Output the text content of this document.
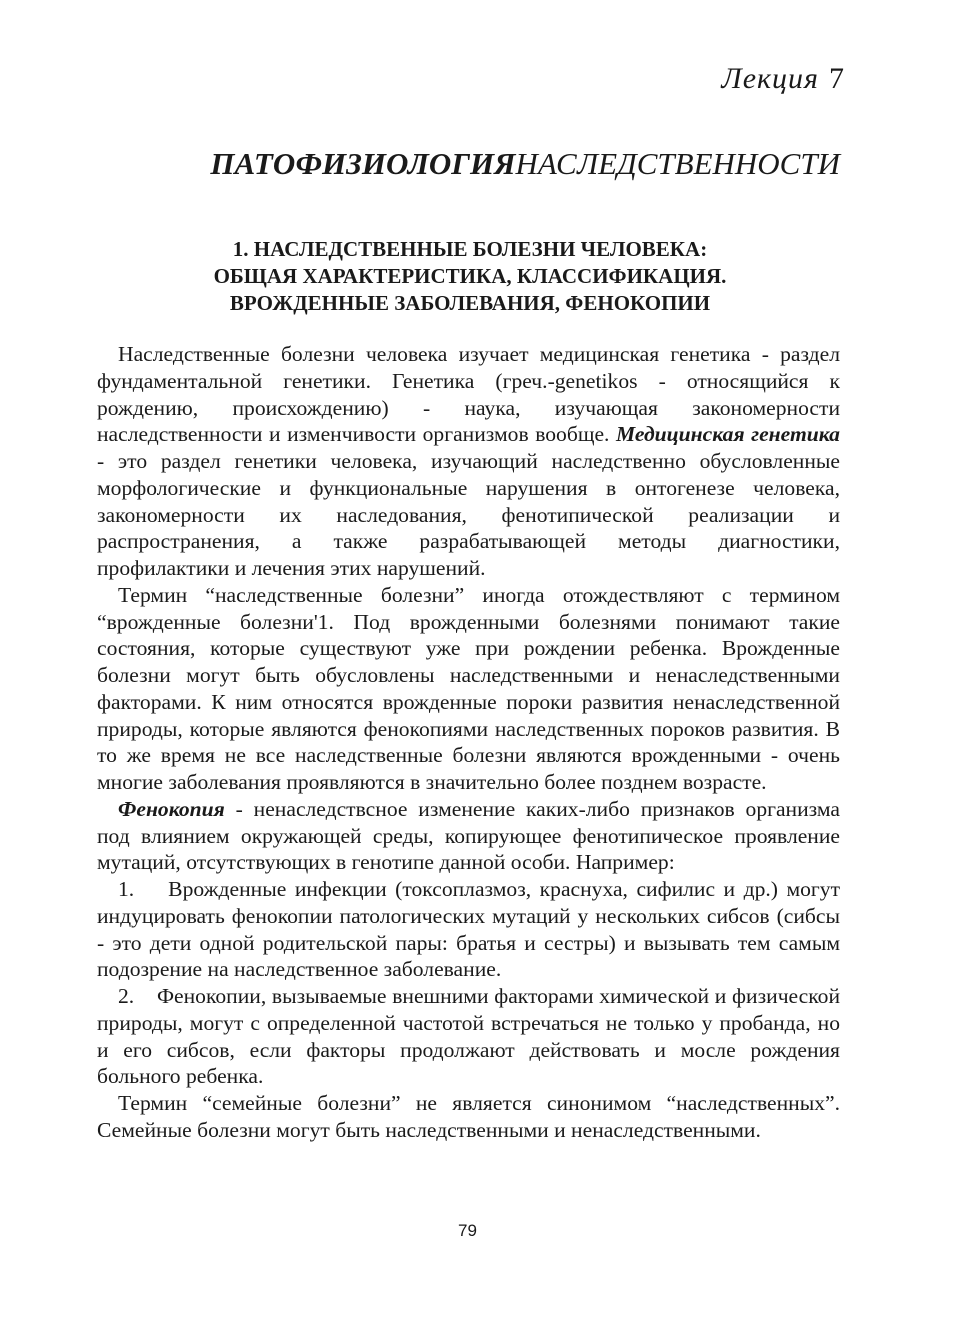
Лекция 7
ПАТОФИЗИОЛОГИЯНАСЛЕДСТВЕННОСТИ
1. НАСЛЕДСТВЕННЫЕ БОЛЕЗНИ ЧЕЛОВЕКА:
ОБЩАЯ ХАРАКТЕРИСТИКА, КЛАССИФИКАЦИЯ.
ВРОЖДЕННЫЕ ЗАБОЛЕВАНИЯ, ФЕНОКОПИИ

Наследственные болезни человека изучает медицинская генетика - раздел фундаментальной генетики. Генетика (греч.-genetikos - относящийся к рождению, происхождению) - наука, изучающая закономерности наследственности и изменчивости организмов вообще. Медицинская генетика - это раздел генетики человека, изучающий наследственно обусловленные морфологические и функциональные нарушения в онтогенезе человека, закономерности их наследования, фенотипической реализации и распространения, а также разрабатывающей методы диагностики, профилактики и лечения этих нарушений.

Термин “наследственные болезни” иногда отождествляют с термином “врожденные болезни'1. Под врожденными болезнями понимают такие состояния, которые существуют уже при рождении ребенка. Врожденные болезни могут быть обусловлены наследственными и ненаследственными факторами. К ним относятся врожденные пороки развития ненаследственной природы, которые являются фенокопиями наследственных пороков развития. В то же время не все наследственные болезни являются врожденными - очень многие заболевания проявляются в значительно более позднем возрасте.

Фенокопия - ненаследствсное изменение каких-либо признаков организма под влиянием окружающей среды, копирующее фенотипическое проявление мутаций, отсутствующих в генотипе данной особи. Например:

1. Врожденные инфекции (токсоплазмоз, краснуха, сифилис и др.) могут индуцировать фенокопии патологических мутаций у нескольких сибсов (сибсы - это дети одной родительской пары: братья и сестры) и вызывать тем самым подозрение на наследственное заболевание.

2. Фенокопии, вызываемые внешними факторами химической и физической природы, могут с определенной частотой встречаться не только у пробанда, но и его сибсов, если факторы продолжают действовать и мосле рождения больного ребенка.

Термин “семейные болезни” не является синонимом “наследственных”. Семейные болезни могут быть наследственными и ненаследственными.

79
